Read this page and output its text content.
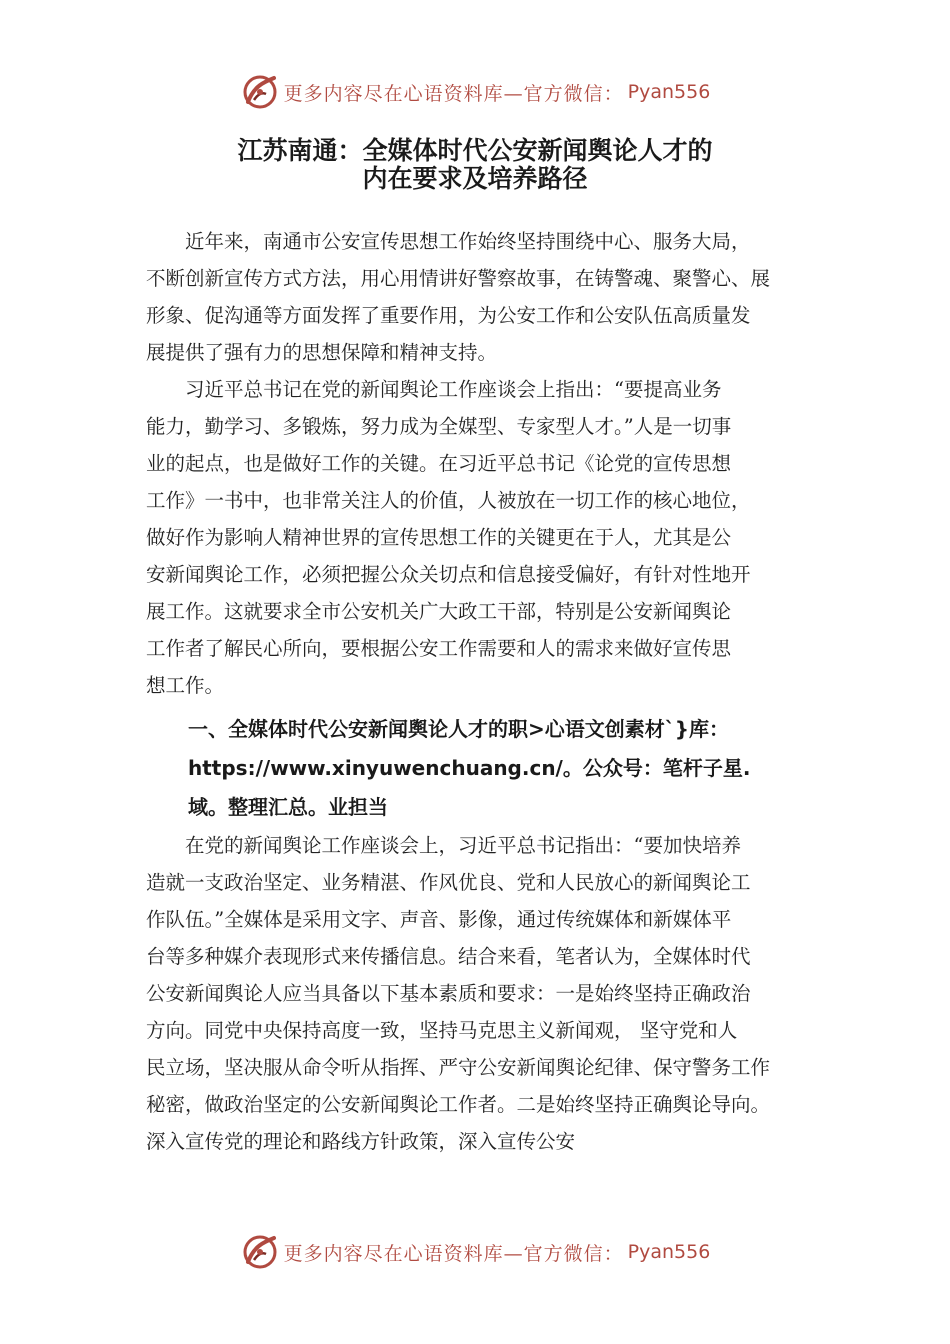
更多内容尽在心语资料库—官方微信： Pyan556
江苏南通：全媒体时代公安新闻舆论人才的
内在要求及培养路径

近年来，南通市公安宣传思想工作始终坚持围绕中心、服务大局，
不断创新宣传方式方法，用心用情讲好警察故事，在铸警魂、聚警心、展
形象、促沟通等方面发挥了重要作用，为公安工作和公安队伍高质量发
展提供了强有力的思想保障和精神支持。

习近平总书记在党的新闻舆论工作座谈会上指出：“要提高业务
能力，勤学习、多锻炼，努力成为全媒型、专家型人才。”人是一切事
业的起点，也是做好工作的关键。在习近平总书记《论党的宣传思想
工作》一书中，也非常关注人的价值，人被放在一切工作的核心地位，
做好作为影响人精神世界的宣传思想工作的关键更在于人，尤其是公
安新闻舆论工作，必须把握公众关切点和信息接受偏好，有针对性地开
展工作。这就要求全市公安机关广大政工干部，特别是公安新闻舆论
工作者了解民心所向，要根据公安工作需要和人的需求来做好宣传思
想工作。

一、全媒体时代公安新闻舆论人才的职>心语文创素材`}库：
https://www.xinyuwenchuang.cn/。公众号：笔杆子星.
域。整理汇总。业担当

在党的新闻舆论工作座谈会上，习近平总书记指出：“要加快培养
造就一支政治坚定、业务精湛、作风优良、党和人民放心的新闻舆论工
作队伍。”全媒体是采用文字、声音、影像，通过传统媒体和新媒体平
台等多种媒介表现形式来传播信息。结合来看，笔者认为，全媒体时代
公安新闻舆论人应当具备以下基本素质和要求：一是始终坚持正确政治
方向。同党中央保持高度一致，坚持马克思主义新闻观， 坚守党和人
民立场，坚决服从命令听从指挥、严守公安新闻舆论纪律、保守警务工作
秘密，做政治坚定的公安新闻舆论工作者。二是始终坚持正确舆论导向。
深入宣传党的理论和路线方针政策，深入宣传公安

更多内容尽在心语资料库—官方微信： Pyan556
